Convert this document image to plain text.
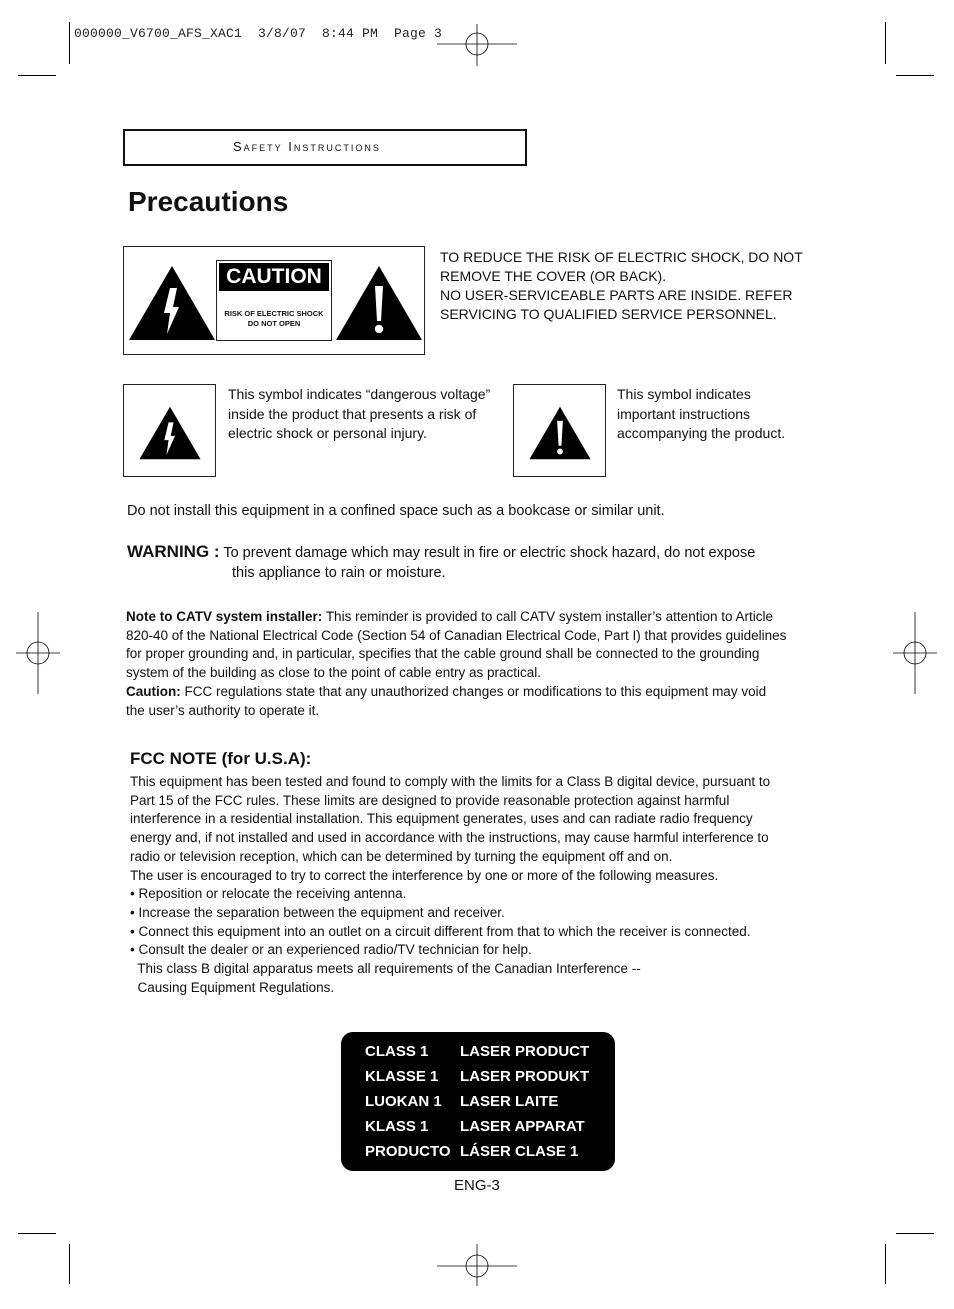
000000_V6700_AFS_XAC1  3/8/07  8:44 PM  Page 3
Safety Instructions
Precautions
CAUTION
RISK OF ELECTRIC SHOCK
DO NOT OPEN
TO REDUCE THE RISK OF ELECTRIC SHOCK, DO NOT
REMOVE THE COVER (OR BACK).
NO USER-SERVICEABLE PARTS ARE INSIDE. REFER
SERVICING TO QUALIFIED SERVICE PERSONNEL.
This symbol indicates “dangerous voltage”
inside the product that presents a risk of
electric shock or personal injury.
This symbol indicates
important instructions
accompanying the product.
Do not install this equipment in a confined space such as a bookcase or similar unit.
WARNING : To prevent damage which may result in fire or electric shock hazard, do not expose
this appliance to rain or moisture.
Note to CATV system installer: This reminder is provided to call CATV system installer’s attention to Article
820-40 of the National Electrical Code (Section 54 of Canadian Electrical Code, Part I) that provides guidelines
for proper grounding and, in particular, specifies that the cable ground shall be connected to the grounding
system of the building as close to the point of cable entry as practical.
Caution: FCC regulations state that any unauthorized changes or modifications to this equipment may void
the user’s authority to operate it.
FCC NOTE (for U.S.A):
This equipment has been tested and found to comply with the limits for a Class B digital device, pursuant to
Part 15 of the FCC rules. These limits are designed to provide reasonable protection against harmful
interference in a residential installation. This equipment generates, uses and can radiate radio frequency
energy and, if not installed and used in accordance with the instructions, may cause harmful interference to
radio or television reception, which can be determined by turning the equipment off and on.
The user is encouraged to try to correct the interference by one or more of the following measures.
• Reposition or relocate the receiving antenna.
• Increase the separation between the equipment and receiver.
• Connect this equipment into an outlet on a circuit different from that to which the receiver is connected.
• Consult the dealer or an experienced radio/TV technician for help.
This class B digital apparatus meets all requirements of the Canadian Interference --
Causing Equipment Regulations.
CLASS 1 LASER PRODUCT
KLASSE 1 LASER PRODUKT
LUOKAN 1 LASER LAITE
KLASS 1 LASER APPARAT
PRODUCTO LÁSER CLASE 1
ENG-3
